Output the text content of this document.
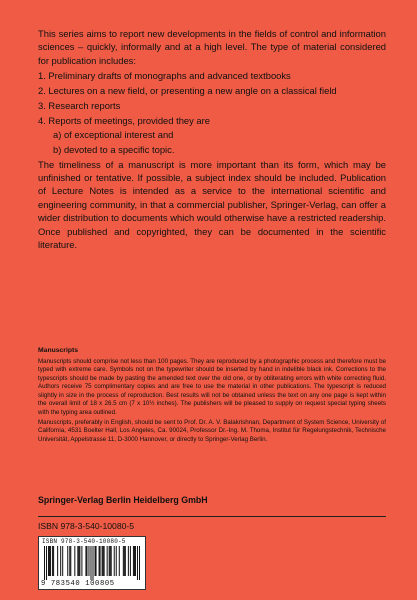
This series aims to report new developments in the fields of control and information sciences – quickly, informally and at a high level. The type of material considered for publication includes:

1. Preliminary drafts of monographs and advanced textbooks
2. Lectures on a new field, or presenting a new angle on a classical field
3. Research reports
4. Reports of meetings, provided they are
a) of exceptional interest and
b) devoted to a specific topic.

The timeliness of a manuscript is more important than its form, which may be unfinished or tentative. If possible, a subject index should be included. Publication of Lecture Notes is intended as a service to the international scientific and engineering community, in that a commercial publisher, Springer-Verlag, can offer a wider distribution to documents which would otherwise have a restricted readership. Once published and copyrighted, they can be documented in the scientific literature.

Manuscripts

Manuscripts should comprise not less than 100 pages. They are reproduced by a photographic process and therefore must be typed with extreme care. Symbols not on the typewriter should be inserted by hand in indelible black ink. Corrections to the typescripts should be made by pasting the amended text over the old one, or by obliterating errors with white correcting fluid. Authors receive 75 complimentary copies and are free to use the material in other publications. The typescript is reduced slightly in size in the process of reproduction. Best results will not be obtained unless the text on any one page is kept within the overall limit of 18 x 26.5 cm (7 x 10½ inches). The publishers will be pleased to supply on request special typing sheets with the typing area outlined.

Manuscripts, preferably in English, should be sent to Prof. Dr. A. V. Balakrishnan, Department of System Science, University of California, 4531 Boelter Hall, Los Angeles, Ca. 90024, Professor Dr.-Ing. M. Thoma, Institut für Regelungstechnik, Technische Universität, Appelstrasse 11, D-3000 Hannover, or directly to Springer-Verlag Berlin.

Springer-Verlag Berlin Heidelberg GmbH
ISBN 978-3-540-10080-5
ISBN 978-3-540-10080-5
9 783540 100805
